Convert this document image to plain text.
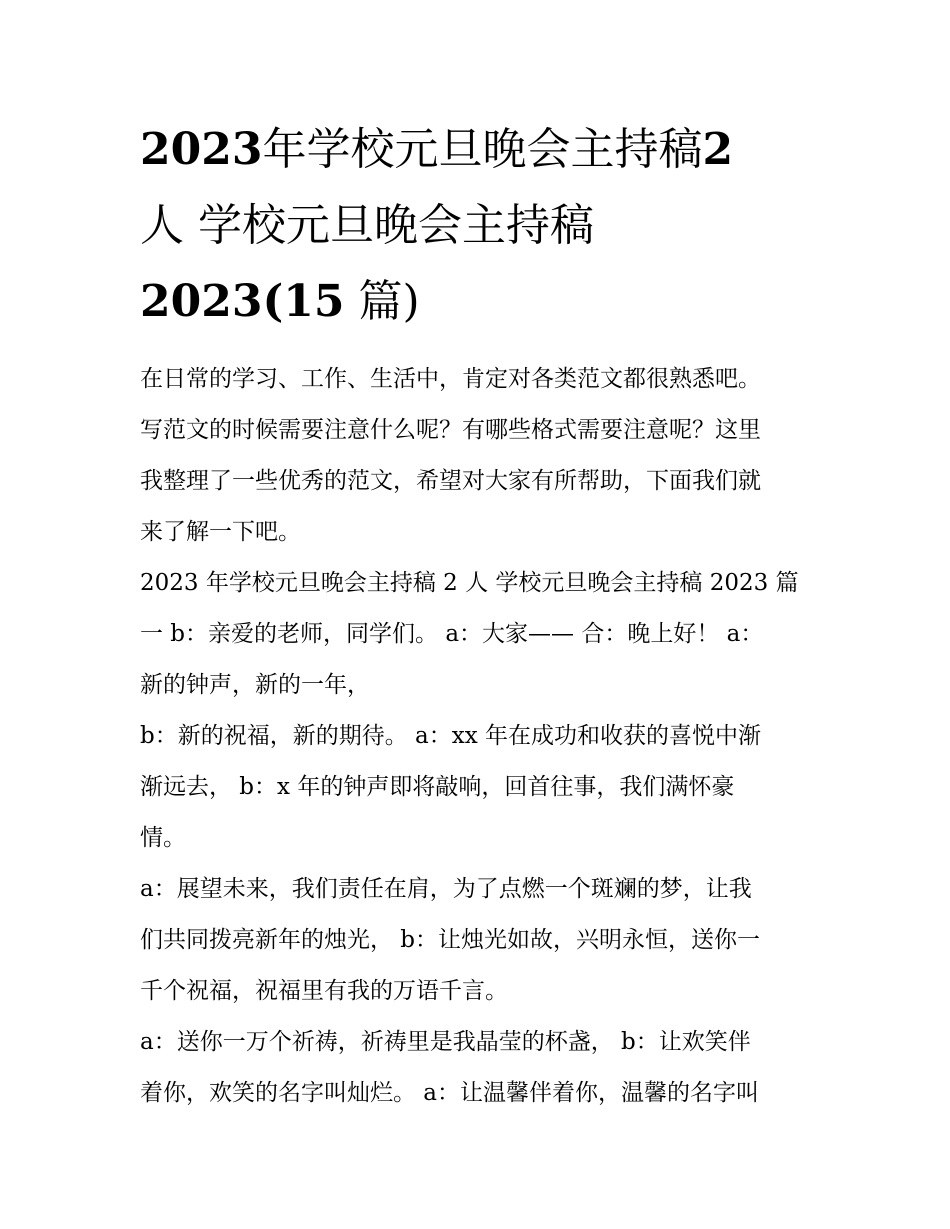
2023年学校元旦晚会主持稿2
人 学校元旦晚会主持稿
2023(15 篇)

在日常的学习、工作、生活中，肯定对各类范文都很熟悉吧。
写范文的时候需要注意什么呢？有哪些格式需要注意呢？这里
我整理了一些优秀的范文，希望对大家有所帮助，下面我们就
来了解一下吧。

2023 年学校元旦晚会主持稿 2 人 学校元旦晚会主持稿 2023 篇
一 b：亲爱的老师，同学们。 a：大家—— 合：晚上好！ a：
新的钟声，新的一年，

b：新的祝福，新的期待。 a：xx 年在成功和收获的喜悦中渐
渐远去， b：x 年的钟声即将敲响，回首往事，我们满怀豪
情。

a：展望未来，我们责任在肩，为了点燃一个斑斓的梦，让我
们共同拨亮新年的烛光， b：让烛光如故，兴明永恒，送你一
千个祝福，祝福里有我的万语千言。

a：送你一万个祈祷，祈祷里是我晶莹的杯盏， b：让欢笑伴
着你，欢笑的名字叫灿烂。 a：让温馨伴着你，温馨的名字叫
